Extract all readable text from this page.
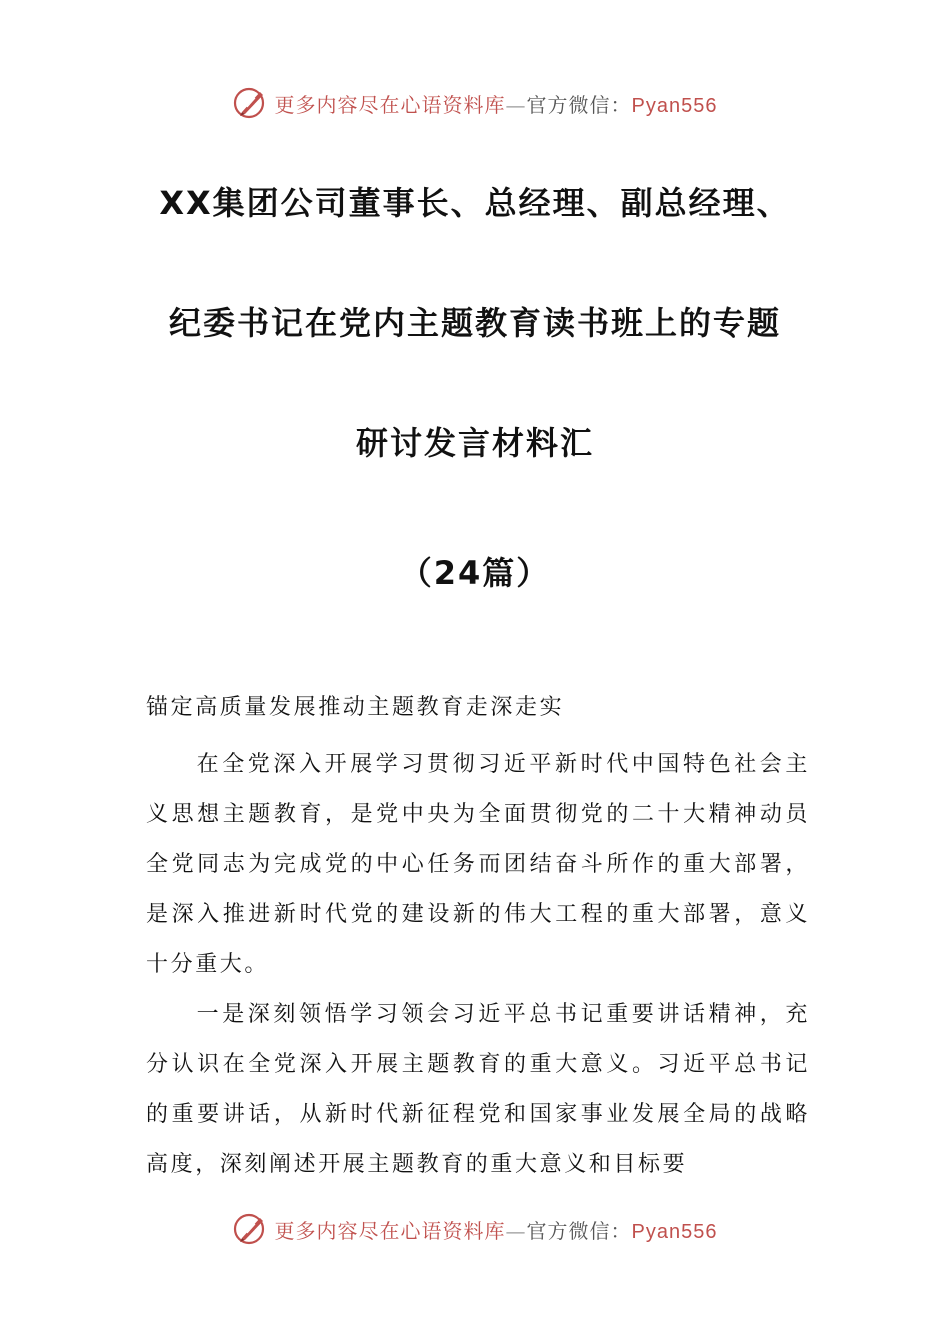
更多内容尽在心语资料库—官方微信：Pyan556
XX集团公司董事长、总经理、副总经理、
纪委书记在党内主题教育读书班上的专题
研讨发言材料汇
（24篇）
锚定高质量发展推动主题教育走深走实
在全党深入开展学习贯彻习近平新时代中国特色社会主义思想主题教育，是党中央为全面贯彻党的二十大精神动员全党同志为完成党的中心任务而团结奋斗所作的重大部署，是深入推进新时代党的建设新的伟大工程的重大部署，意义十分重大。
一是深刻领悟学习领会习近平总书记重要讲话精神，充分认识在全党深入开展主题教育的重大意义。习近平总书记的重要讲话，从新时代新征程党和国家事业发展全局的战略高度，深刻阐述开展主题教育的重大意义和目标要
更多内容尽在心语资料库—官方微信：Pyan556
